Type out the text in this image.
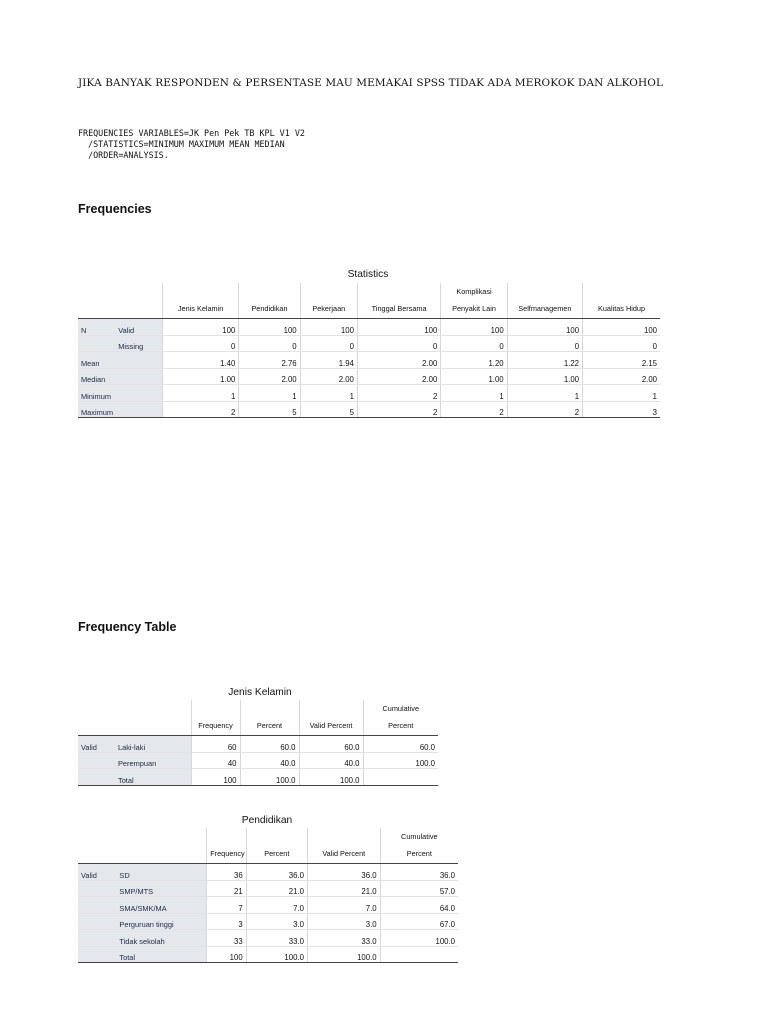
JIKA BANYAK RESPONDEN & PERSENTASE MAU MEMAKAI SPSS TIDAK ADA MEROKOK DAN ALKOHOL
FREQUENCIES VARIABLES=JK Pen Pek TB KPL V1 V2
/STATISTICS=MINIMUM MAXIMUM MEAN MEDIAN
/ORDER=ANALYSIS.
Frequencies
Statistics
						Komplikasi		
		Jenis Kelamin	Pendidikan	Pekerjaan	Tinggal Bersama	Penyakit Lain	Selfmanagemen	Kualitas Hidup
N	Valid	100	100	100	100	100	100	100
	Missing	0	0	0	0	0	0	0
Mean		1.40	2.76	1.94	2.00	1.20	1.22	2.15
Median		1.00	2.00	2.00	2.00	1.00	1.00	2.00
Minimum		1	1	1	2	1	1	1
Maximum		2	5	5	2	2	2	3
Frequency Table
Jenis Kelamin
					Cumulative
		Frequency	Percent	Valid Percent	Percent
Valid	Laki-laki	60	60.0	60.0	60.0
	Perempuan	40	40.0	40.0	100.0
	Total	100	100.0	100.0	
Pendidikan
					Cumulative
		Frequency	Percent	Valid Percent	Percent
Valid	SD	36	36.0	36.0	36.0
	SMP/MTS	21	21.0	21.0	57.0
	SMA/SMK/MA	7	7.0	7.0	64.0
	Perguruan tinggi	3	3.0	3.0	67.0
	Tidak sekolah	33	33.0	33.0	100.0
	Total	100	100.0	100.0	
